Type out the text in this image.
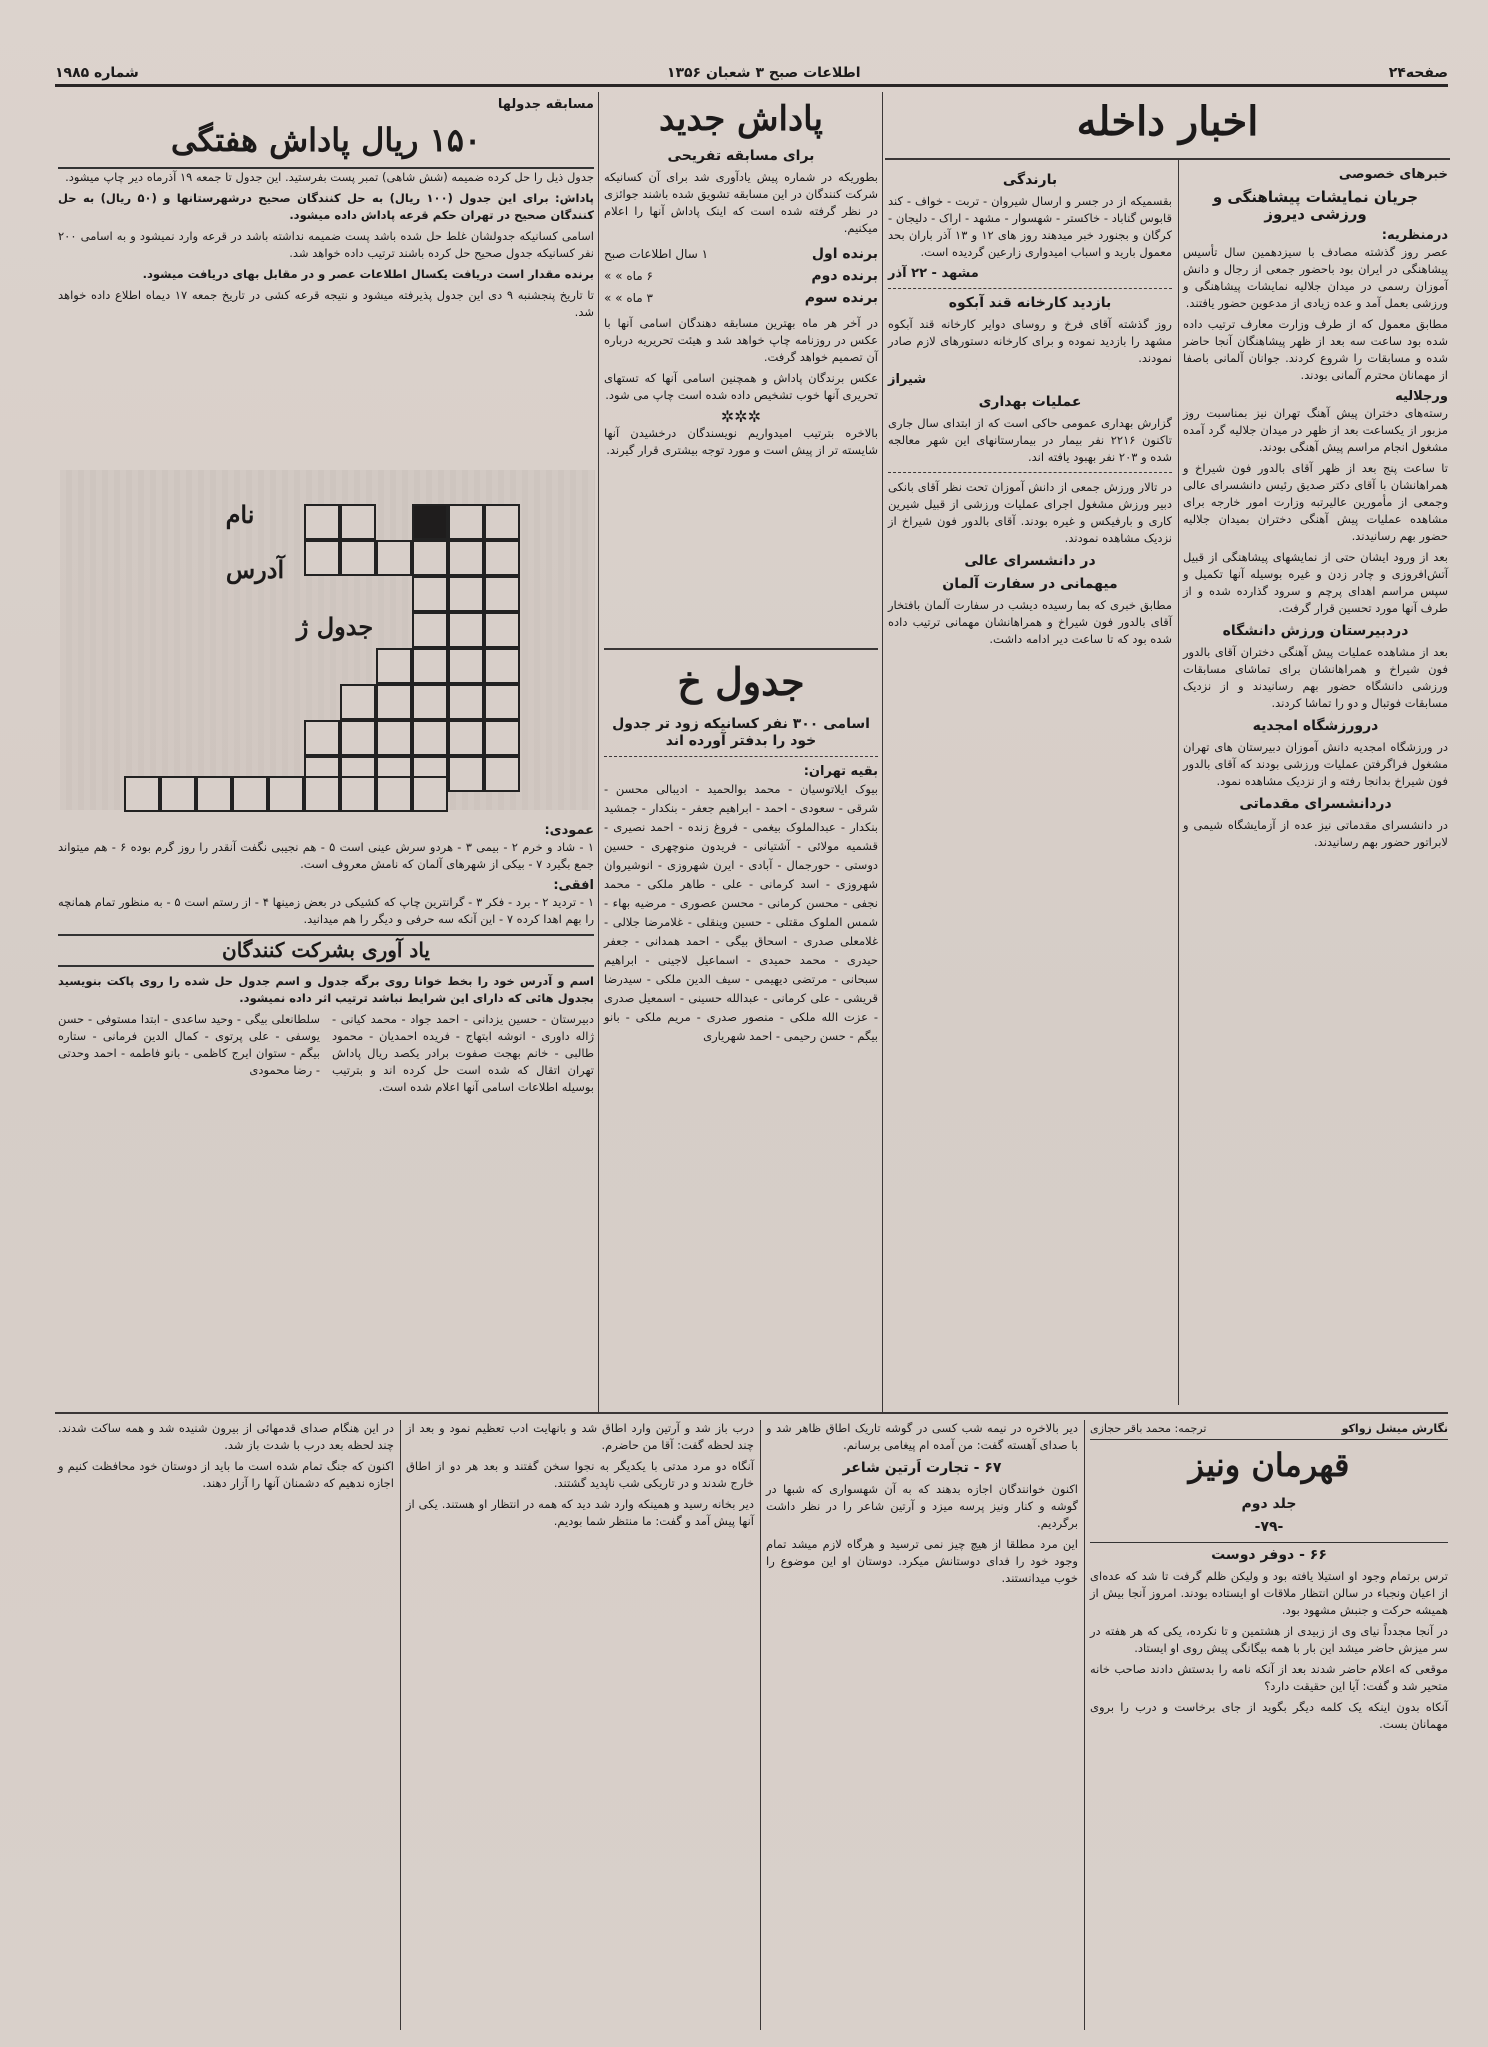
صفحه۲۴
اطلاعات صبح ۳ شعبان ۱۳۵۶
شماره ۱۹۸۵
اخبار داخله
خبرهای خصوصی
جریان نمایشات پیشاهنگی و ورزشی دیروز
درمنظریه:

عصر روز گذشته مصادف با سیزدهمین سال تأسیس پیشاهنگی در ایران بود باحضور جمعی از رجال و دانش آموزان رسمی در میدان جلالیه نمایشات پیشاهنگی و ورزشی بعمل آمد و عده زیادی از مدعوین حضور یافتند.

مطابق معمول که از طرف وزارت معارف ترتیب داده شده بود ساعت سه بعد از ظهر پیشاهنگان آنجا حاضر شده و مسابقات را شروع کردند. جوانان آلمانی باصفا از مهمانان محترم آلمانی بودند.

ورجلالیه

رسته‌های دختران پیش آهنگ تهران نیز بمناسبت روز مزبور از یکساعت بعد از ظهر در میدان جلالیه گرد آمده مشغول انجام مراسم پیش آهنگی بودند.

تا ساعت پنج بعد از ظهر آقای بالدور فون شیراخ و همراهانشان با آقای دکتر صدیق رئیس دانشسرای عالی وجمعی از مأمورین عالیرتبه وزارت امور خارجه برای مشاهده عملیات پیش آهنگی دختران بمیدان جلالیه حضور بهم رسانیدند.

بعد از ورود ایشان حتی از نمایشهای پیشاهنگی از قبیل آتش‌افروزی و چادر زدن و غیره بوسیله آنها تکمیل و سپس مراسم اهدای پرچم و سرود گذارده شده و از طرف آنها مورد تحسین قرار گرفت.

دردبیرستان ورزش دانشگاه

بعد از مشاهده عملیات پیش آهنگی دختران آقای بالدور فون شیراخ و همراهانشان برای تماشای مسابقات ورزشی دانشگاه حضور بهم رسانیدند و از نزدیک مسابقات فوتبال و دو را تماشا کردند.

درورزشگاه امجدیه

در ورزشگاه امجدیه دانش آموزان دبیرستان های تهران مشغول فراگرفتن عملیات ورزشی بودند که آقای بالدور فون شیراخ بدانجا رفته و از نزدیک مشاهده نمود.

دردانشسرای مقدماتی

در دانشسرای مقدماتی نیز عده از آزمایشگاه شیمی و لابراتور حضور بهم رسانیدند.

بارندگی

بقسمیکه از در جسر و ارسال شیروان - تربت - خواف - کند قابوس گناباد - خاکستر - شهسوار - مشهد - اراک - دلیجان - کرگان و بجنورد خبر میدهند روز های ۱۲ و ۱۳ آذر باران بحد معمول بارید و اسباب امیدواری زارعین گردیده است.

مشهد - ۲۲ آذر
بازدید کارخانه قند آبکوه

روز گذشته آقای فرخ و روسای دوایر کارخانه قند آبکوه مشهد را بازدید نموده و برای کارخانه دستورهای لازم صادر نمودند.

شیراز
عملیات بهداری

گزارش بهداری عمومی حاکی است که از ابتدای سال جاری تاکنون ۲۲۱۶ نفر بیمار در بیمارستانهای این شهر معالجه شده و ۲۰۳ نفر بهبود یافته اند.

در تالار ورزش جمعی از دانش آموزان تحت نظر آقای بانکی دبیر ورزش مشغول اجرای عملیات ورزشی از قبیل شیرین کاری و بارفیکس و غیره بودند. آقای بالدور فون شیراخ از نزدیک مشاهده نمودند.

در دانشسرای عالی
میهمانی در سفارت آلمان

مطابق خبری که بما رسیده دیشب در سفارت آلمان بافتخار آقای بالدور فون شیراخ و همراهانشان مهمانی ترتیب داده شده بود که تا ساعت دیر ادامه داشت.

پاداش جدید
برای مسابقه تفریحی

بطوریکه در شماره پیش یادآوری شد برای آن کسانیکه شرکت کنندگان در این مسابقه تشویق شده باشند جوائزی در نظر گرفته شده است که اینک پاداش آنها را اعلام میکنیم.

برنده اول
۱ سال اطلاعات صبح
برنده دوم
۶ ماه » »
برنده سوم
۳ ماه » »

در آخر هر ماه بهترین مسابقه دهندگان اسامی آنها با عکس در روزنامه چاپ خواهد شد و هیئت تحریریه درباره آن تصمیم خواهد گرفت.

عکس برندگان پاداش و همچنین اسامی آنها که تستهای تحریری آنها خوب تشخیص داده شده است چاپ می شود.

✲✲✲

بالاخره بترتیب امیدواریم نویسندگان درخشیدن آنها شایسته تر از پیش است و مورد توجه بیشتری قرار گیرند.

جدول خ
اسامی ۳۰۰ نفر کسانیکه زود تر جدول خود را بدفتر آورده اند
بقیه تهران:

بیوک ایلاتوسیان - محمد بوالحمید - ادیبالی محسن - شرقی - سعودی - احمد - ابراهیم جعفر - بنکدار - جمشید بنکدار - عبدالملوک بیغمی - فروغ زنده - احمد نصیری - قشمیه مولائی - آشتیانی - فریدون منوچهری - حسین دوستی - حورجمال - آبادی - ایرن شهروزی - انوشیروان شهروزی - اسد کرمانی - علی - طاهر ملکی - محمد نجفی - محسن کرمانی - محسن عصوری - مرضیه بهاء - شمس الملوک مقتلی - حسین وینقلی - غلامرضا جلالی - غلامعلی صدری - اسحاق بیگی - احمد همدانی - جعفر حیدری - محمد حمیدی - اسماعیل لاجینی - ابراهیم سبحانی - مرتضی دیهیمی - سیف الدین ملکی - سیدرضا قریشی - علی کرمانی - عبدالله حسینی - اسمعیل صدری - عزت الله ملکی - منصور صدری - مریم ملکی - بانو بیگم - حسن رحیمی - احمد شهریاری

مسابقه جدولها
۱۵۰ ریال پاداش هفتگی

جدول ذیل را حل کرده ضمیمه (شش شاهی) تمبر پست بفرستید. این جدول تا جمعه ۱۹ آذرماه دیر چاپ میشود.

پاداش: برای این جدول (۱۰۰ ریال) به حل کنندگان صحیح درشهرستانها و (۵۰ ریال) به حل کنندگان صحیح در تهران حکم قرعه پاداش داده میشود.

اسامی کسانیکه جدولشان غلط حل شده باشد پست ضمیمه نداشته باشد در قرعه وارد نمیشود و به اسامی ۲۰۰ نفر کسانیکه جدول صحیح حل کرده باشند ترتیب داده خواهد شد.

برنده مقدار است دریافت یکسال اطلاعات عصر و در مقابل بهای دریافت میشود.

تا تاریخ پنجشنبه ۹ دی این جدول پذیرفته میشود و نتیجه قرعه کشی در تاریخ جمعه ۱۷ دیماه اطلاع داده خواهد شد.

نام
آدرس
جدول ژ
عمودی:

۱ - شاد و خرم ۲ - بیمی ۳ - هردو سرش عینی است ۵ - هم نجیبی نگفت آنقدر را روز گرم بوده ۶ - هم میتواند جمع بگیرد ۷ - بیکی از شهرهای آلمان که نامش معروف است.

افقی:

۱ - تردید ۲ - برد - فکر ۳ - گرانترین چاپ که کشیکی در بعض زمینها ۴ - از رستم است ۵ - به منظور تمام همانچه را بهم اهدا کرده ۷ - این آنکه سه حرفی و دیگر را هم میدانید.

یاد آوری بشرکت کنندگان

اسم و آدرس خود را بخط خوانا روی برگه جدول و اسم جدول حل شده را روی پاکت بنویسید بجدول هائی که دارای این شرایط نباشد ترتیب اثر داده نمیشود.

دبیرستان - حسین یزدانی - احمد جواد - محمد کیانی - ژاله داوری - انوشه ابتهاج - فریده احمدیان - محمود طالبی - خانم بهجت صفوت برادر یکصد ریال پاداش تهران اتقال که شده است حل کرده اند و بترتیب بوسیله اطلاعات اسامی آنها اعلام شده است.

سلطانعلی بیگی - وحید ساعدی - ابتدا مستوفی - حسن یوسفی - علی پرتوی - کمال الدین فرمانی - ستاره بیگم - ستوان ایرج کاظمی - بانو فاطمه - احمد وحدتی - رضا محمودی

نگارش میشل زواکو
ترجمه: محمد باقر حجازی
قهرمان ونیز
جلد دوم
-۷۹-
۶۶ - دوفر دوست

ترس برتمام وجود او استیلا یافته بود و ولیکن ظلم گرفت تا شد که عده‌ای از اعیان ونجباء در سالن انتظار ملاقات او ایستاده بودند. امروز آنجا بیش از همیشه حرکت و جنبش مشهود بود.

در آنجا مجدداً نیای وی از زبیدی از هشتمین و تا نکرده، یکی که هر هفته در سر میزش حاضر میشد این بار با همه بیگانگی پیش روی او ایستاد.

موقعی که اعلام حاضر شدند بعد از آنکه نامه را بدستش دادند صاحب ‌خانه متحیر شد و گفت: آیا این حقیقت دارد؟

آنکاه بدون اینکه یک کلمه دیگر بگوید از جای برخاست و درب را بروی مهمانان بست.

دیر بالاخره در نیمه شب کسی در گوشه تاریک اطاق ظاهر شد و با صدای آهسته گفت: من آمده ام پیغامی برسانم.

۶۷ - تجارت اَرتین شاعر

اکنون خوانندگان اجازه بدهند که به آن شهسواری که شبها در گوشه و کنار ونیز پرسه میزد و آرتین شاعر را در نظر داشت برگردیم.

این مرد مطلقا از هیچ چیز نمی ترسید و هرگاه لازم میشد تمام وجود خود را فدای دوستانش میکرد. دوستان او این موضوع را خوب میدانستند.

درب باز شد و آرتین وارد اطاق شد و بانهایت ادب تعظیم نمود و بعد از چند لحظه گفت: آقا من حاضرم.

آنگاه دو مرد مدتی با یکدیگر به نجوا سخن گفتند و بعد هر دو از اطاق خارج شدند و در تاریکی شب ناپدید گشتند.

دیر بخانه رسید و همینکه وارد شد دید که همه در انتظار او هستند. یکی از آنها پیش آمد و گفت: ما منتظر شما بودیم.

در این هنگام صدای قدمهائی از بیرون شنیده شد و همه ساکت شدند. چند لحظه بعد درب با شدت باز شد.

اکنون که جنگ تمام شده است ما باید از دوستان خود محافظت کنیم و اجازه ندهیم که دشمنان آنها را آزار دهند.
